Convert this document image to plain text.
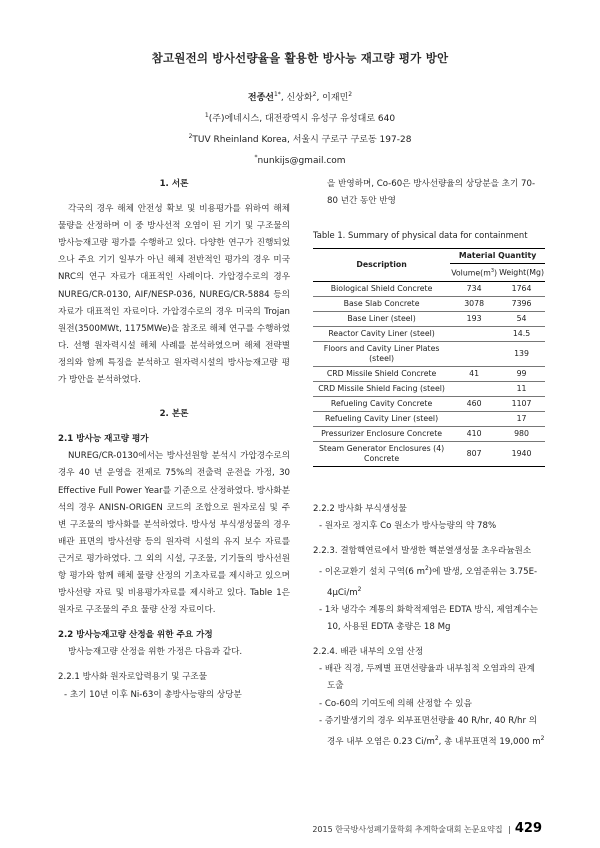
참고원전의 방사선량율을 활용한 방사능 재고량 평가 방안
전종선$^{1*}$, 신상화$^2$, 이재민$^2$
$^1$(주)에네시스, 대전광역시 유성구 유성대로 640
$^2$TUV Rheinland Korea, 서울시 구로구 구로동 197-28
*nunkijs@gmail.com

1. 서론

각국의 경우 해체 안전성 확보 및 비용평가를 위하여 해체 물량을 산정하며 이 중 방사선적 오염이 된 기기 및 구조물의 방사능재고량 평가를 수행하고 있다. 다양한 연구가 진행되었으나 주요 기기 일부가 아닌 해체 전반적인 평가의 경우 미국 NRC의 연구 자료가 대표적인 사례이다. 가압경수로의 경우 NUREG/CR-0130, AIF/NESP-036, NUREG/CR-5884 등의 자료가 대표적인 자료이다. 가압경수로의 경우 미국의 Trojan 원전(3500MWt, 1175MWe)을 참조로 해체 연구를 수행하였다. 선행 원자력시설 해체 사례를 분석하였으며 해체 전략별 정의와 함께 특징을 분석하고 원자력시설의 방사능재고량 평가 방안을 분석하였다.

2. 본론

2.1 방사능 재고량 평가

NUREG/CR-0130에서는 방사선원항 분석시 가압경수로의 경우 40 년 운영을 전제로 75%의 전출력 운전을 가정, 30 Effective Full Power Year를 기준으로 산정하였다. 방사화분석의 경우 ANISN-ORIGEN 코드의 조합으로 원자로심 및 주변 구조물의 방사화를 분석하였다. 방사성 부식생성물의 경우 배관 표면의 방사선량 등의 원자력 시설의 유지 보수 자료를 근거로 평가하였다. 그 외의 시설, 구조물, 기기들의 방사선원항 평가와 함께 해체 물량 산정의 기초자료를 제시하고 있으며 방사선량 자료 및 비용평가자료를 제시하고 있다. Table 1은 원자로 구조물의 주요 물량 산정 자료이다.

2.2 방사능재고량 산정을 위한 주요 가정

방사능재고량 산정을 위한 가정은 다음과 같다.

2.2.1 방사화 원자로압력용기 및 구조물

- 초기 10년 이후 Ni-63이 총방사능량의 상당분

을 반영하며, Co-60은 방사선량율의 상당분을 초기 70-80 년간 동안 반영

Table 1. Summary of physical data for containment

Description	Material Quantity	
	$Volume(m^3)$	Weight(Mg)
Biological Shield Concrete	734	1764
Base Slab Concrete	3078	7396
Base Liner (steel)	193	54
Reactor Cavity Liner (steel)		14.5
Floors and Cavity Liner Plates (steel)		139
CRD Missile Shield Concrete	41	99
CRD Missile Shield Facing (steel)		11
Refueling Cavity Concrete	460	1107
Refueling Cavity Liner (steel)		17
Pressurizer Enclosure Concrete	410	980
Steam Generator Enclosures (4) Concrete	807	1940

2.2.2 방사화 부식생성물

- 원자로 정지후 Co 원소가 방사능량의 약 78%

2.2.3. 결함핵연료에서 발생한 핵분열생성물 초우라늄원소

- 이온교환기 설치 구역(6 $m^2$)에 발생, 오염준위는 $3.75E-4\mu Ci/m^2$

- 1차 냉각수 계통의 화학적제염은 EDTA 방식, 제염계수는 10, 사용된 EDTA 총량은 18 Mg

2.2.4. 배관 내부의 오염 산정

- 배관 직경, 두께별 표면선량율과 내부침적 오염과의 관계 도출

- Co-60의 기여도에 의해 산정할 수 있음

- 증기발생기의 경우 외부표면선량율 40 R/hr, 40 R/hr 의 경우 내부 오염은 0.23 $Ci/m^2$, 총 내부표면적 19,000 $m^2$

2015 한국방사성폐기물학회 추계학술대회 논문요약집 | 429
